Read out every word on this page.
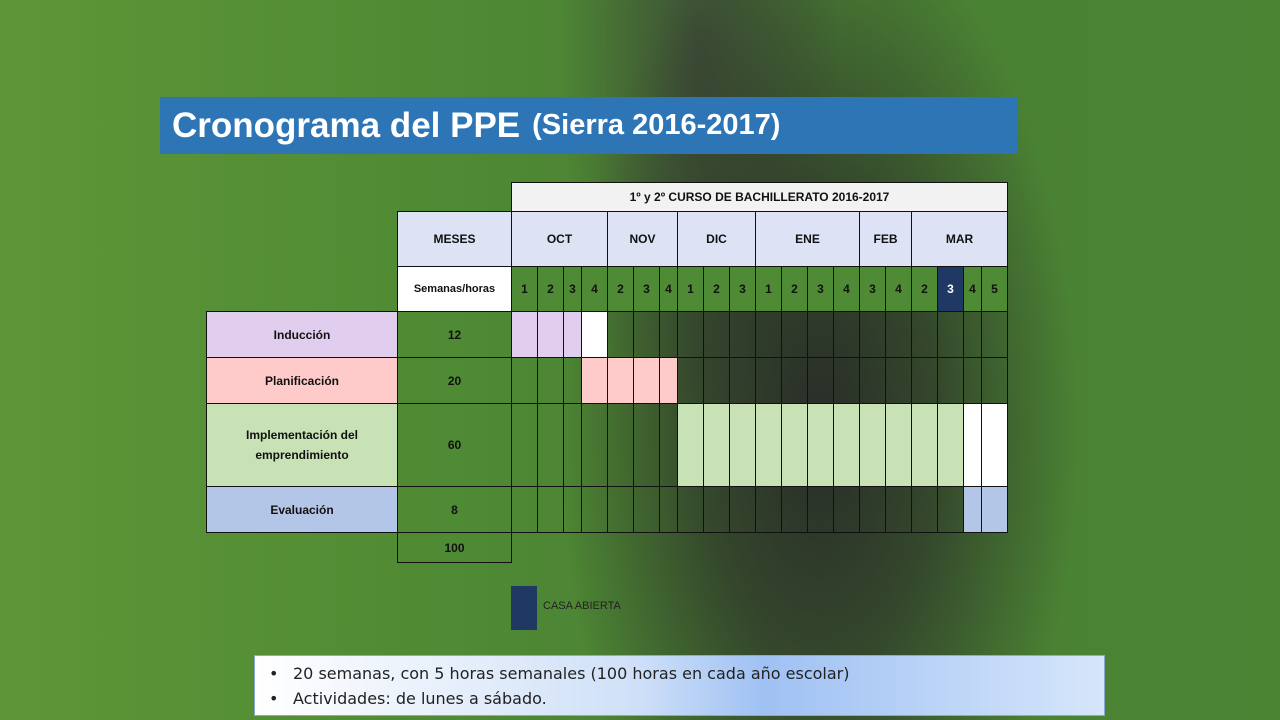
Cronograma del PPE (Sierra 2016-2017)
		1º y 2º CURSO DE BACHILLERATO 2016-2017																			
	MESES	OCT				NOV			DIC			ENE				FEB		MAR			
	Semanas/horas	1	2	3	4	2	3	4	1	2	3	1	2	3	4	3	4	2	3	4	5
Inducción	12																				
Planificación	20																				
Implementación del emprendimiento	60																				
Evaluación	8																				
	100																				
CASA ABIERTA
• 20 semanas, con 5 horas semanales (100 horas en cada año escolar)
• Actividades: de lunes a sábado.
